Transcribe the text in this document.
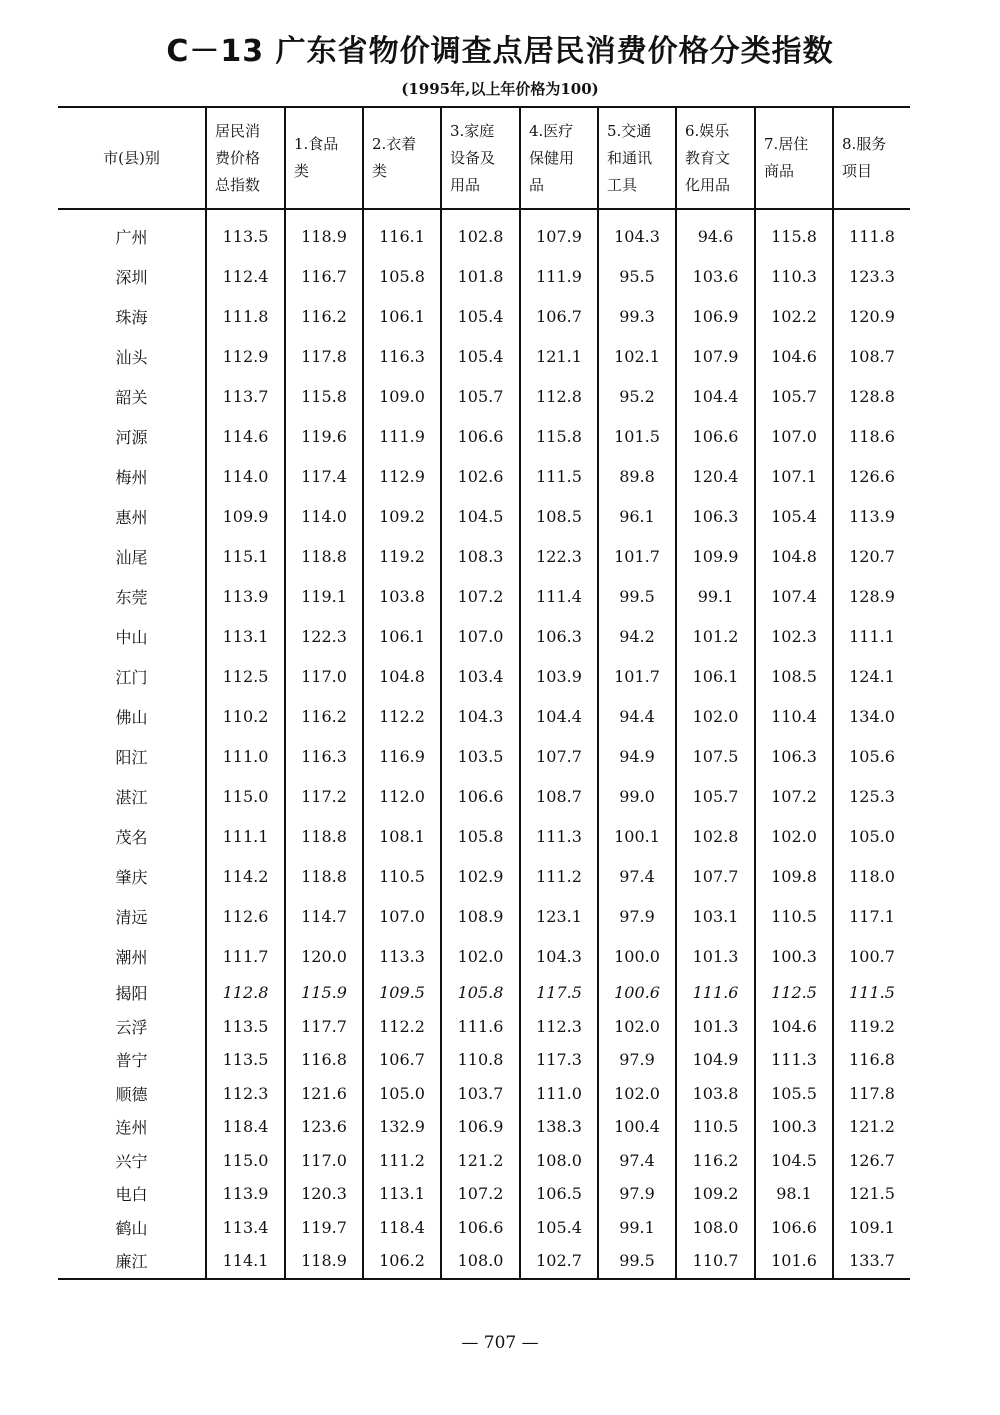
C－13 广东省物价调查点居民消费价格分类指数
(1995年,以上年价格为100)
市(县)别	居民消
费价格
总指数	1.食品
类	2.衣着
类	3.家庭
设备及
用品	4.医疗
保健用
品	5.交通
和通讯
工具	6.娱乐
教育文
化用品	7.居住
商品	8.服务
项目

广州	113.5	118.9	116.1	102.8	107.9	104.3	94.6	115.8	111.8
深圳	112.4	116.7	105.8	101.8	111.9	95.5	103.6	110.3	123.3
珠海	111.8	116.2	106.1	105.4	106.7	99.3	106.9	102.2	120.9
汕头	112.9	117.8	116.3	105.4	121.1	102.1	107.9	104.6	108.7
韶关	113.7	115.8	109.0	105.7	112.8	95.2	104.4	105.7	128.8
河源	114.6	119.6	111.9	106.6	115.8	101.5	106.6	107.0	118.6
梅州	114.0	117.4	112.9	102.6	111.5	89.8	120.4	107.1	126.6
惠州	109.9	114.0	109.2	104.5	108.5	96.1	106.3	105.4	113.9
汕尾	115.1	118.8	119.2	108.3	122.3	101.7	109.9	104.8	120.7
东莞	113.9	119.1	103.8	107.2	111.4	99.5	99.1	107.4	128.9
中山	113.1	122.3	106.1	107.0	106.3	94.2	101.2	102.3	111.1
江门	112.5	117.0	104.8	103.4	103.9	101.7	106.1	108.5	124.1
佛山	110.2	116.2	112.2	104.3	104.4	94.4	102.0	110.4	134.0
阳江	111.0	116.3	116.9	103.5	107.7	94.9	107.5	106.3	105.6
湛江	115.0	117.2	112.0	106.6	108.7	99.0	105.7	107.2	125.3
茂名	111.1	118.8	108.1	105.8	111.3	100.1	102.8	102.0	105.0
肇庆	114.2	118.8	110.5	102.9	111.2	97.4	107.7	109.8	118.0
清远	112.6	114.7	107.0	108.9	123.1	97.9	103.1	110.5	117.1
潮州	111.7	120.0	113.3	102.0	104.3	100.0	101.3	100.3	100.7
揭阳	112.8	115.9	109.5	105.8	117.5	100.6	111.6	112.5	111.5
云浮	113.5	117.7	112.2	111.6	112.3	102.0	101.3	104.6	119.2
普宁	113.5	116.8	106.7	110.8	117.3	97.9	104.9	111.3	116.8
顺德	112.3	121.6	105.0	103.7	111.0	102.0	103.8	105.5	117.8
连州	118.4	123.6	132.9	106.9	138.3	100.4	110.5	100.3	121.2
兴宁	115.0	117.0	111.2	121.2	108.0	97.4	116.2	104.5	126.7
电白	113.9	120.3	113.1	107.2	106.5	97.9	109.2	98.1	121.5
鹤山	113.4	119.7	118.4	106.6	105.4	99.1	108.0	106.6	109.1
廉江	114.1	118.9	106.2	108.0	102.7	99.5	110.7	101.6	133.7
— 707 —
